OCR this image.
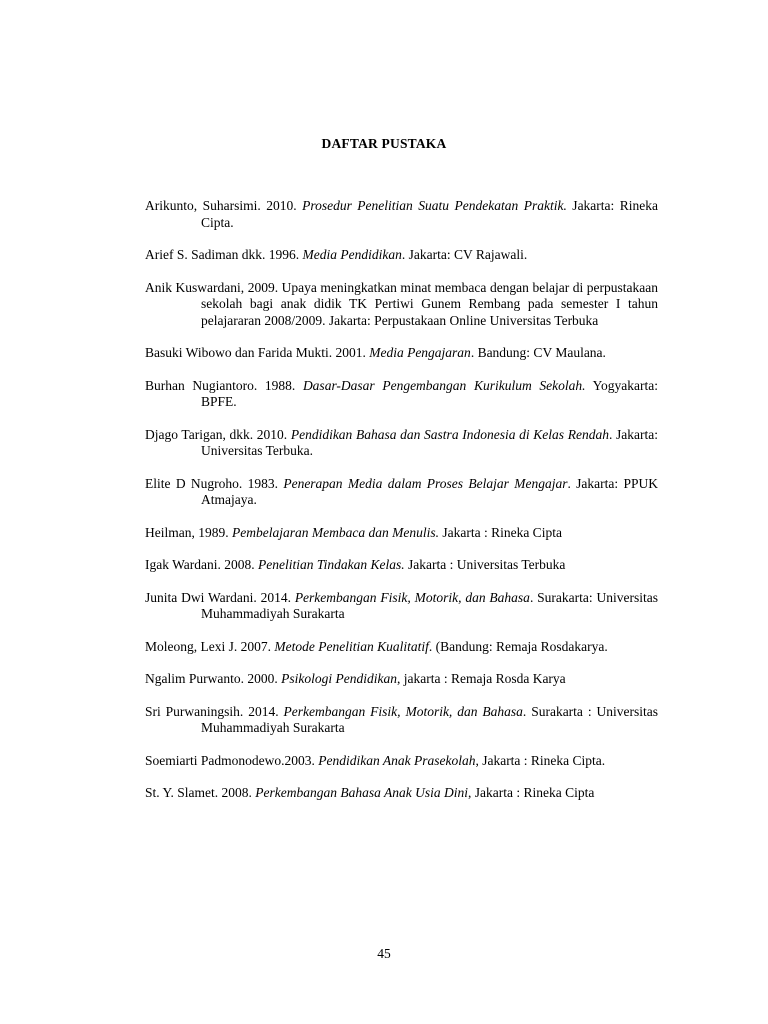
DAFTAR PUSTAKA

Arikunto, Suharsimi. 2010. Prosedur Penelitian Suatu Pendekatan Praktik. Jakarta: Rineka Cipta.

Arief S. Sadiman dkk. 1996. Media Pendidikan. Jakarta: CV Rajawali.

Anik Kuswardani, 2009. Upaya meningkatkan minat membaca dengan belajar di perpustakaan sekolah bagi anak didik TK Pertiwi Gunem Rembang pada semester I tahun pelajararan 2008/2009. Jakarta: Perpustakaan Online Universitas Terbuka

Basuki Wibowo dan Farida Mukti. 2001. Media Pengajaran. Bandung: CV Maulana.

Burhan Nugiantoro. 1988. Dasar-Dasar Pengembangan Kurikulum Sekolah. Yogyakarta: BPFE.

Djago Tarigan, dkk. 2010. Pendidikan Bahasa dan Sastra Indonesia di Kelas Rendah. Jakarta: Universitas Terbuka.

Elite D Nugroho. 1983. Penerapan Media dalam Proses Belajar Mengajar. Jakarta: PPUK Atmajaya.

Heilman, 1989. Pembelajaran Membaca dan Menulis. Jakarta : Rineka Cipta

Igak Wardani. 2008. Penelitian Tindakan Kelas. Jakarta : Universitas Terbuka

Junita Dwi Wardani. 2014. Perkembangan Fisik, Motorik, dan Bahasa. Surakarta: Universitas Muhammadiyah Surakarta

Moleong, Lexi J. 2007. Metode Penelitian Kualitatif. (Bandung: Remaja Rosdakarya.

Ngalim Purwanto. 2000. Psikologi Pendidikan, jakarta : Remaja Rosda Karya

Sri Purwaningsih. 2014. Perkembangan Fisik, Motorik, dan Bahasa. Surakarta : Universitas Muhammadiyah Surakarta

Soemiarti Padmonodewo.2003. Pendidikan Anak Prasekolah, Jakarta : Rineka Cipta.

St. Y. Slamet. 2008. Perkembangan Bahasa Anak Usia Dini, Jakarta : Rineka Cipta

45
